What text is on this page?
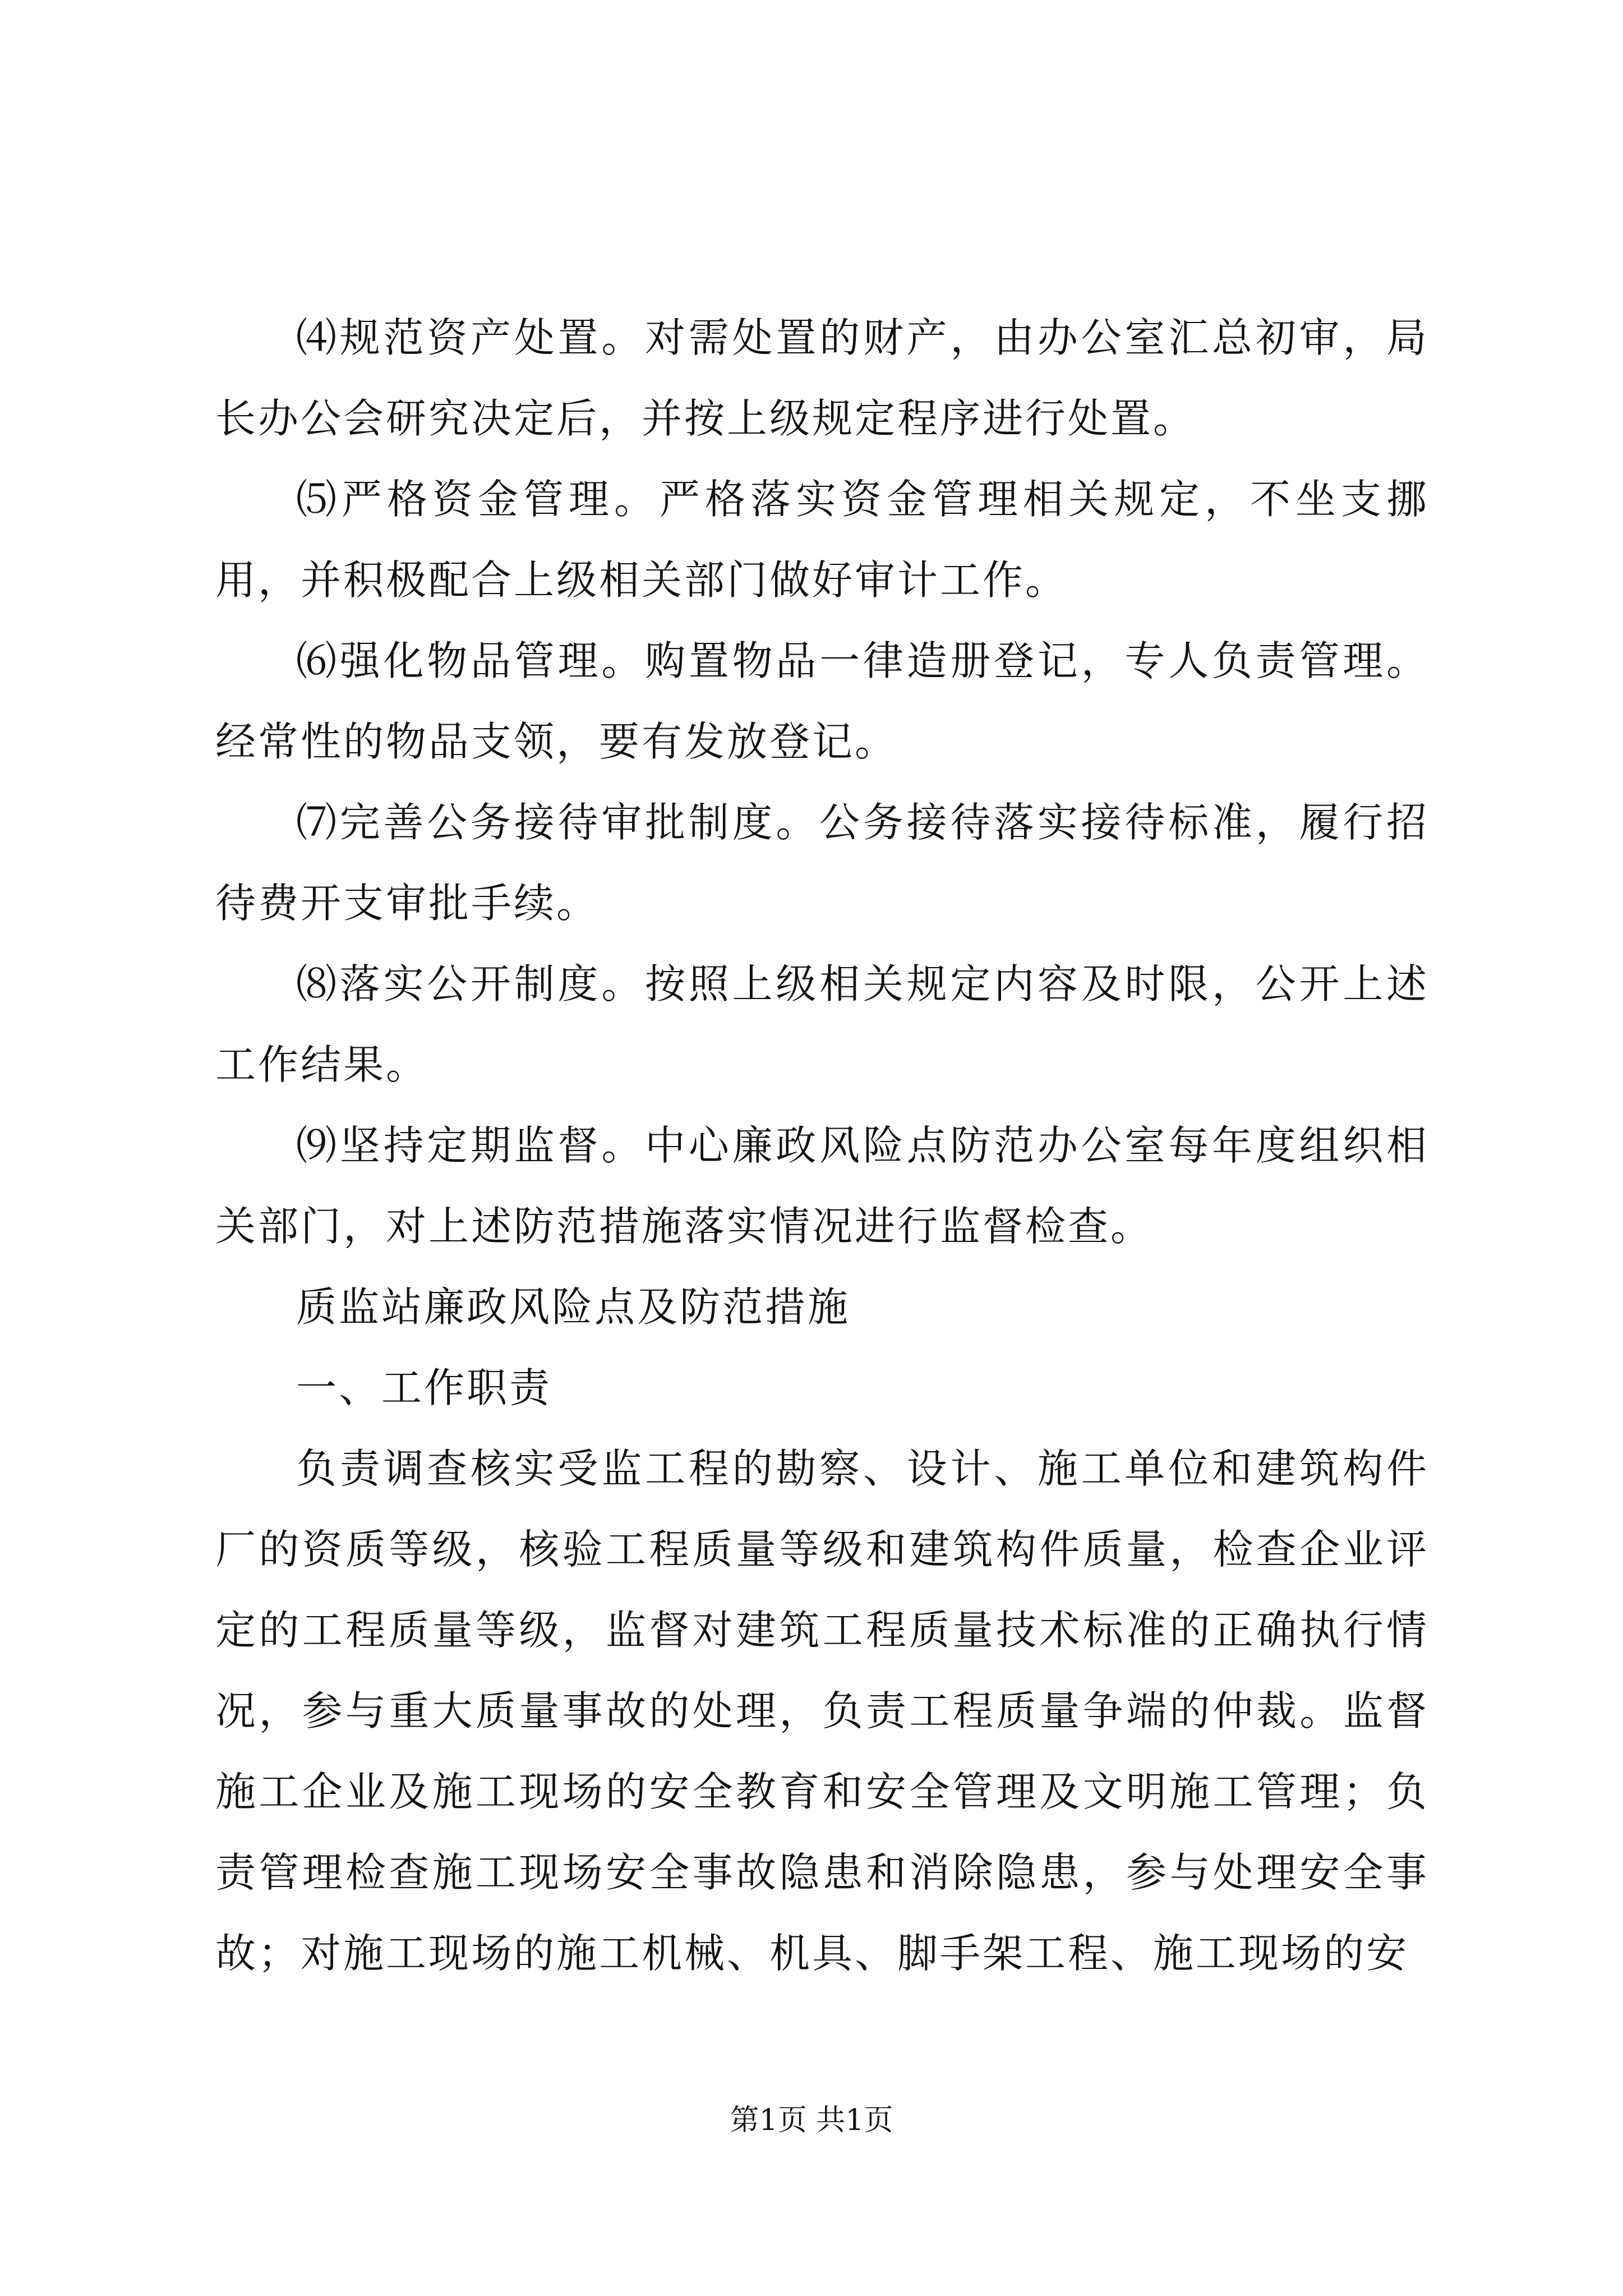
⑷规范资产处置。对需处置的财产，由办公室汇总初审，局长办公会研究决定后，并按上级规定程序进行处置。

⑸严格资金管理。严格落实资金管理相关规定，不坐支挪用，并积极配合上级相关部门做好审计工作。

⑹强化物品管理。购置物品一律造册登记，专人负责管理。经常性的物品支领，要有发放登记。

⑺完善公务接待审批制度。公务接待落实接待标准，履行招待费开支审批手续。

⑻落实公开制度。按照上级相关规定内容及时限，公开上述工作结果。

⑼坚持定期监督。中心廉政风险点防范办公室每年度组织相关部门，对上述防范措施落实情况进行监督检查。

质监站廉政风险点及防范措施

一、工作职责

负责调查核实受监工程的勘察、设计、施工单位和建筑构件厂的资质等级，核验工程质量等级和建筑构件质量，检查企业评定的工程质量等级，监督对建筑工程质量技术标准的正确执行情况，参与重大质量事故的处理，负责工程质量争端的仲裁。监督施工企业及施工现场的安全教育和安全管理及文明施工管理；负责管理检查施工现场安全事故隐患和消除隐患，参与处理安全事故；对施工现场的施工机械、机具、脚手架工程、施工现场的安

第1页 共1页
